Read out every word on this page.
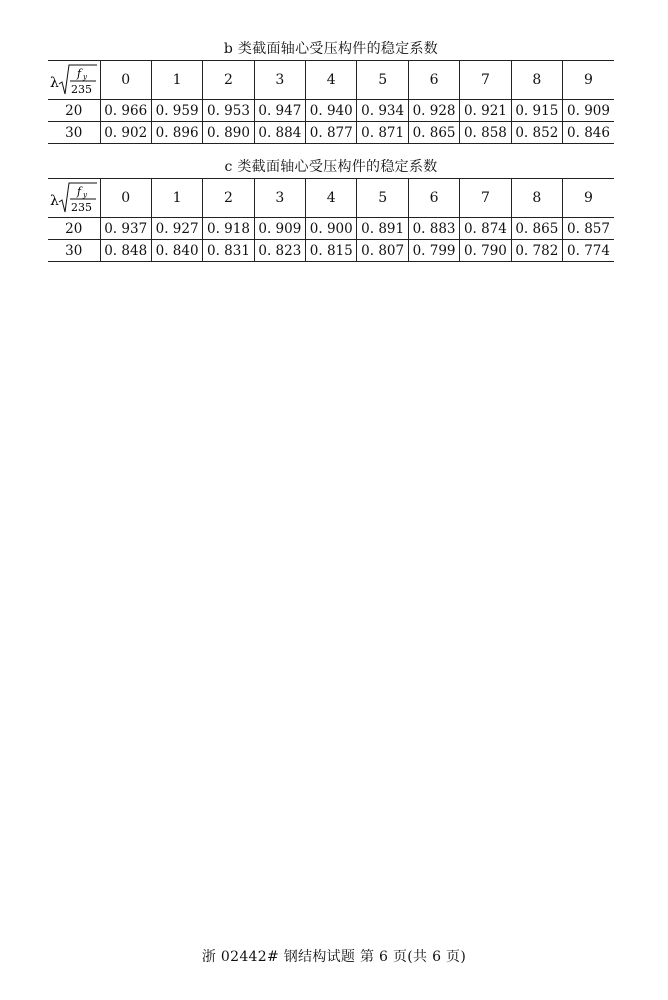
b 类截面轴心受压构件的稳定系数
λ
f y
235	0	1	2	3	4	5	6	7	8	9
20	0. 966	0. 959	0. 953	0. 947	0. 940	0. 934	0. 928	0. 921	0. 915	0. 909
30	0. 902	0. 896	0. 890	0. 884	0. 877	0. 871	0. 865	0. 858	0. 852	0. 846
c 类截面轴心受压构件的稳定系数
λ
f y
235	0	1	2	3	4	5	6	7	8	9
20	0. 937	0. 927	0. 918	0. 909	0. 900	0. 891	0. 883	0. 874	0. 865	0. 857
30	0. 848	0. 840	0. 831	0. 823	0. 815	0. 807	0. 799	0. 790	0. 782	0. 774
浙 02442# 钢结构试题 第 6 页(共 6 页)
